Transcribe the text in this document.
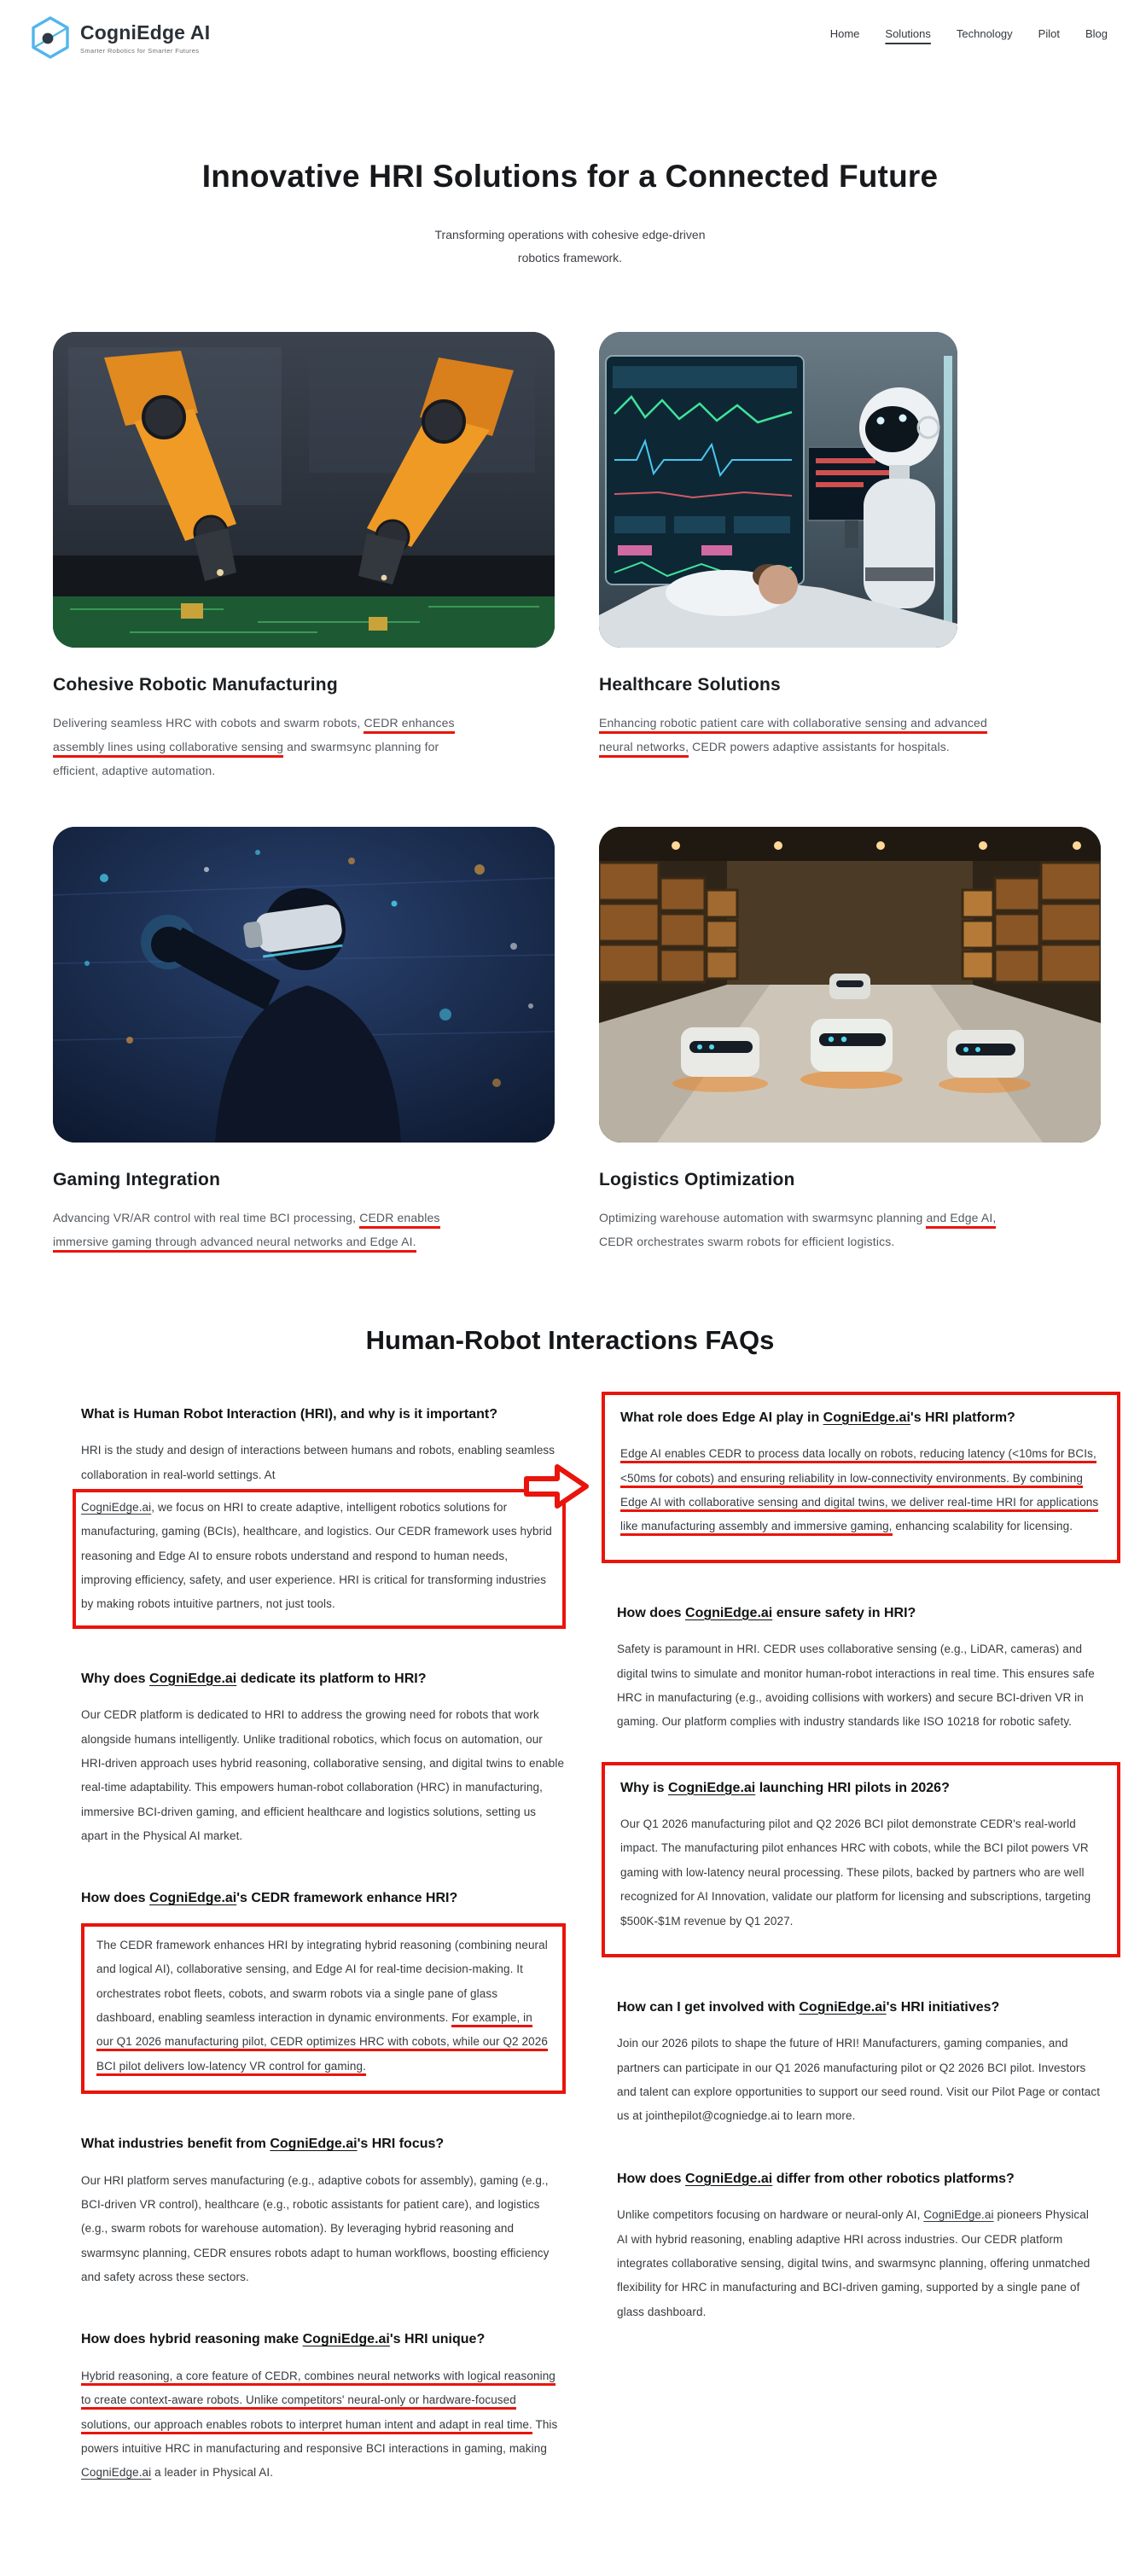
CogniEdge AI
Smarter Robotics for Smarter Futures
Home Solutions Technology Pilot Blog
Innovative HRI Solutions for a Connected Future
Transforming operations with cohesive edge-driven
robotics framework.
Cohesive Robotic Manufacturing

Delivering seamless HRC with cobots and swarm robots, CEDR enhances assembly lines using collaborative sensing and swarmsync planning for efficient, adaptive automation.

Healthcare Solutions

Enhancing robotic patient care with collaborative sensing and advanced neural networks, CEDR powers adaptive assistants for hospitals.

Gaming Integration

Advancing VR/AR control with real time BCI processing, CEDR enables immersive gaming through advanced neural networks and Edge AI.

Logistics Optimization

Optimizing warehouse automation with swarmsync planning and Edge AI, CEDR orchestrates swarm robots for efficient logistics.

Human-Robot Interactions FAQs
What is Human Robot Interaction (HRI), and why is it important?

HRI is the study and design of interactions between humans and robots, enabling seamless collaboration in real-world settings. At
CogniEdge.ai, we focus on HRI to create adaptive, intelligent robotics solutions for manufacturing, gaming (BCIs), healthcare, and logistics. Our CEDR framework uses hybrid reasoning and Edge AI to ensure robots understand and respond to human needs, improving efficiency, safety, and user experience. HRI is critical for transforming industries by making robots intuitive partners, not just tools.

Why does CogniEdge.ai dedicate its platform to HRI?

Our CEDR platform is dedicated to HRI to address the growing need for robots that work alongside humans intelligently. Unlike traditional robotics, which focus on automation, our HRI-driven approach uses hybrid reasoning, collaborative sensing, and digital twins to enable real-time adaptability. This empowers human-robot collaboration (HRC) in manufacturing, immersive BCI-driven gaming, and efficient healthcare and logistics solutions, setting us apart in the Physical AI market.

How does CogniEdge.ai's CEDR framework enhance HRI?

The CEDR framework enhances HRI by integrating hybrid reasoning (combining neural and logical AI), collaborative sensing, and Edge AI for real-time decision-making. It orchestrates robot fleets, cobots, and swarm robots via a single pane of glass dashboard, enabling seamless interaction in dynamic environments. For example, in our Q1 2026 manufacturing pilot, CEDR optimizes HRC with cobots, while our Q2 2026 BCI pilot delivers low-latency VR control for gaming.

What industries benefit from CogniEdge.ai's HRI focus?

Our HRI platform serves manufacturing (e.g., adaptive cobots for assembly), gaming (e.g., BCI-driven VR control), healthcare (e.g., robotic assistants for patient care), and logistics (e.g., swarm robots for warehouse automation). By leveraging hybrid reasoning and swarmsync planning, CEDR ensures robots adapt to human workflows, boosting efficiency and safety across these sectors.

How does hybrid reasoning make CogniEdge.ai's HRI unique?

Hybrid reasoning, a core feature of CEDR, combines neural networks with logical reasoning to create context-aware robots. Unlike competitors' neural-only or hardware-focused solutions, our approach enables robots to interpret human intent and adapt in real time. This powers intuitive HRC in manufacturing and responsive BCI interactions in gaming, making CogniEdge.ai a leader in Physical AI.

What role does Edge AI play in CogniEdge.ai's HRI platform?

Edge AI enables CEDR to process data locally on robots, reducing latency (<10ms for BCIs, <50ms for cobots) and ensuring reliability in low-connectivity environments. By combining Edge AI with collaborative sensing and digital twins, we deliver real-time HRI for applications like manufacturing assembly and immersive gaming, enhancing scalability for licensing.

How does CogniEdge.ai ensure safety in HRI?

Safety is paramount in HRI. CEDR uses collaborative sensing (e.g., LiDAR, cameras) and digital twins to simulate and monitor human-robot interactions in real time. This ensures safe HRC in manufacturing (e.g., avoiding collisions with workers) and secure BCI-driven VR in gaming. Our platform complies with industry standards like ISO 10218 for robotic safety.

Why is CogniEdge.ai launching HRI pilots in 2026?

Our Q1 2026 manufacturing pilot and Q2 2026 BCI pilot demonstrate CEDR's real-world impact. The manufacturing pilot enhances HRC with cobots, while the BCI pilot powers VR gaming with low-latency neural processing. These pilots, backed by partners who are well recognized for AI Innovation, validate our platform for licensing and subscriptions, targeting $500K-$1M revenue by Q1 2027.

How can I get involved with CogniEdge.ai's HRI initiatives?

Join our 2026 pilots to shape the future of HRI! Manufacturers, gaming companies, and partners can participate in our Q1 2026 manufacturing pilot or Q2 2026 BCI pilot. Investors and talent can explore opportunities to support our seed round. Visit our Pilot Page or contact us at jointhepilot@cogniedge.ai to learn more.

How does CogniEdge.ai differ from other robotics platforms?

Unlike competitors focusing on hardware or neural-only AI, CogniEdge.ai pioneers Physical AI with hybrid reasoning, enabling adaptive HRI across industries. Our CEDR platform integrates collaborative sensing, digital twins, and swarmsync planning, offering unmatched flexibility for HRC in manufacturing and BCI-driven gaming, supported by a single pane of glass dashboard.
